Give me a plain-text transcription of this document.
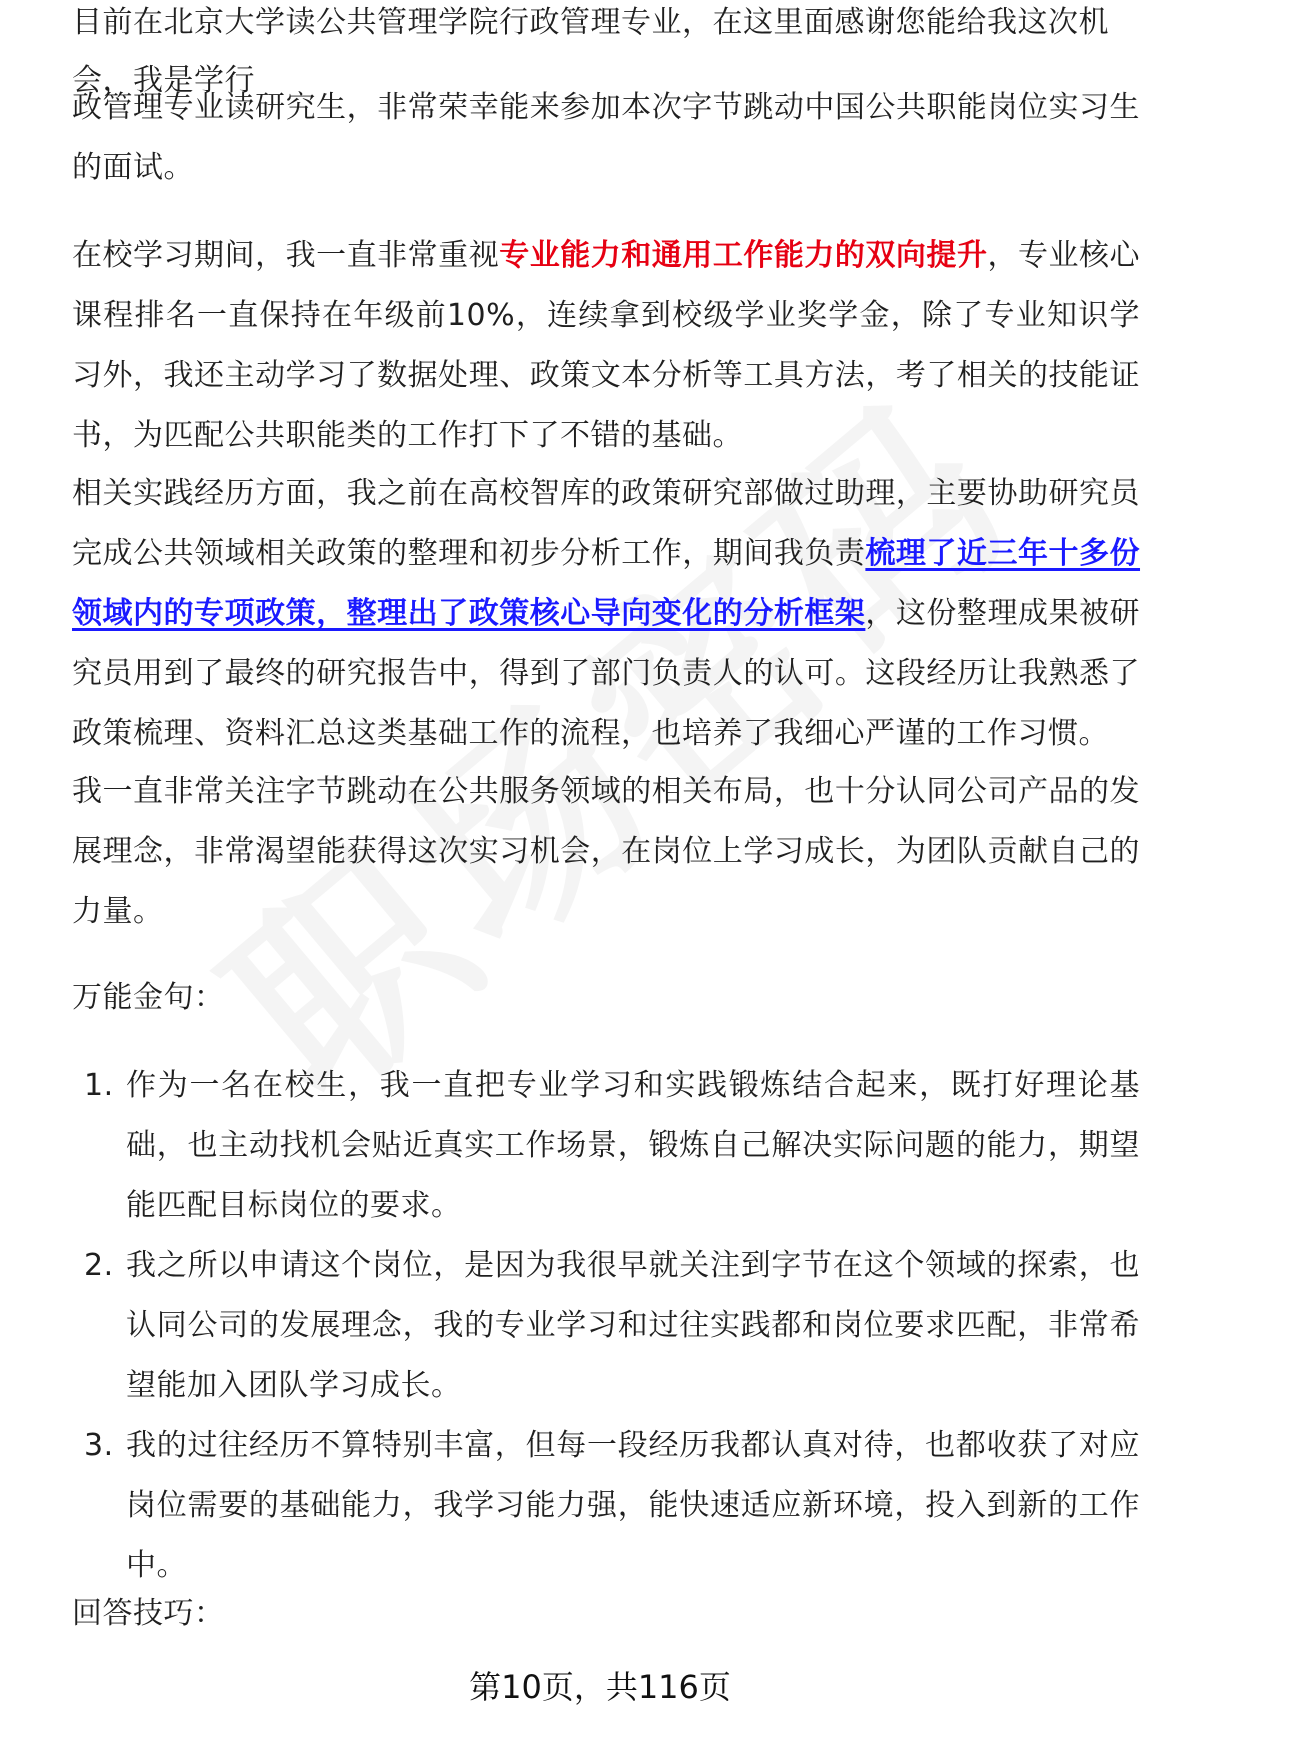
目前在北京大学读公共管理学院行政管理专业，在这里面感谢您能给我这次机会，我是学行

政管理专业读研究生，非常荣幸能来参加本次字节跳动中国公共职能岗位实习生的面试。

在校学习期间，我一直非常重视专业能力和通用工作能力的双向提升，专业核心课程排名一直保持在年级前10%，连续拿到校级学业奖学金，除了专业知识学习外，我还主动学习了数据处理、政策文本分析等工具方法，考了相关的技能证书，为匹配公共职能类的工作打下了不错的基础。

相关实践经历方面，我之前在高校智库的政策研究部做过助理，主要协助研究员完成公共领域相关政策的整理和初步分析工作，期间我负责梳理了近三年十多份领域内的专项政策，整理出了政策核心导向变化的分析框架，这份整理成果被研究员用到了最终的研究报告中，得到了部门负责人的认可。这段经历让我熟悉了政策梳理、资料汇总这类基础工作的流程，也培养了我细心严谨的工作习惯。

我一直非常关注字节跳动在公共服务领域的相关布局，也十分认同公司产品的发展理念，非常渴望能获得这次实习机会，在岗位上学习成长，为团队贡献自己的力量。

万能金句：

1. 作为一名在校生，我一直把专业学习和实践锻炼结合起来，既打好理论基础，也主动找机会贴近真实工作场景，锻炼自己解决实际问题的能力，期望能匹配目标岗位的要求。
2. 我之所以申请这个岗位，是因为我很早就关注到字节在这个领域的探索，也认同公司的发展理念，我的专业学习和过往实践都和岗位要求匹配，非常希望能加入团队学习成长。
3. 我的过往经历不算特别丰富，但每一段经历我都认真对待，也都收获了对应岗位需要的基础能力，我学习能力强，能快速适应新环境，投入到新的工作中。

回答技巧：

第10页，共116页
